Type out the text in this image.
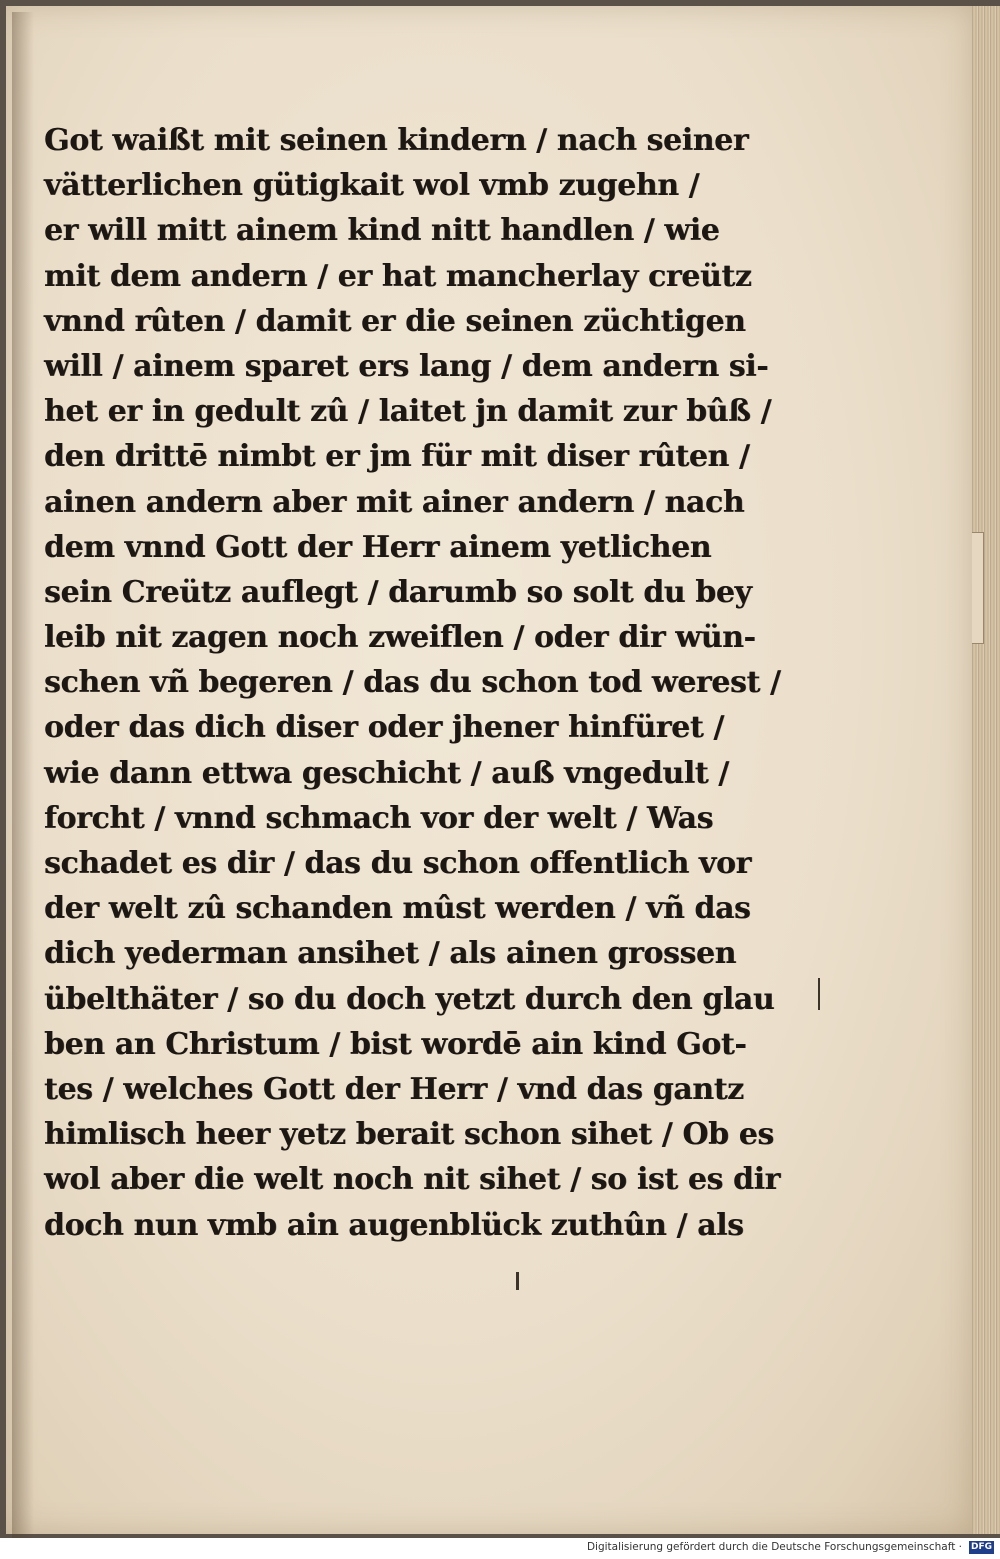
Got waißt mit seinen kindern / nach seiner
vätterlichen gütigkait wol vmb zugehn /
er will mitt ainem kind nitt handlen / wie
mit dem andern / er hat mancherlay creütz
vnnd rûten / damit er die seinen züchtigen
will / ainem sparet ers lang / dem andern si-
het er in gedult zû / laitet jn damit zur bûß /
den drittē nimbt er jm für mit diser rûten /
ainen andern aber mit ainer andern / nach
dem vnnd Gott der Herr ainem yetlichen
sein Creütz auflegt / darumb so solt du bey
leib nit zagen noch zweiflen / oder dir wün-
schen vñ begeren / das du schon tod werest /
oder das dich diser oder jhener hinfüret /
wie dann ettwa geschicht / auß vngedult /
forcht / vnnd schmach vor der welt / Was
schadet es dir / das du schon offentlich vor
der welt zû schanden mûst werden / vñ das
dich yederman ansihet / als ainen grossen
übelthäter / so du doch yetzt durch den glau
ben an Christum / bist wordē ain kind Got-
tes / welches Gott der Herr / vnd das gantz
himlisch heer yetz berait schon sihet / Ob es
wol aber die welt noch nit sihet / so ist es dir
doch nun vmb ain augenblück zuthûn / als
Digitalisierung gefördert durch die Deutsche Forschungsgemeinschaft · DFG
